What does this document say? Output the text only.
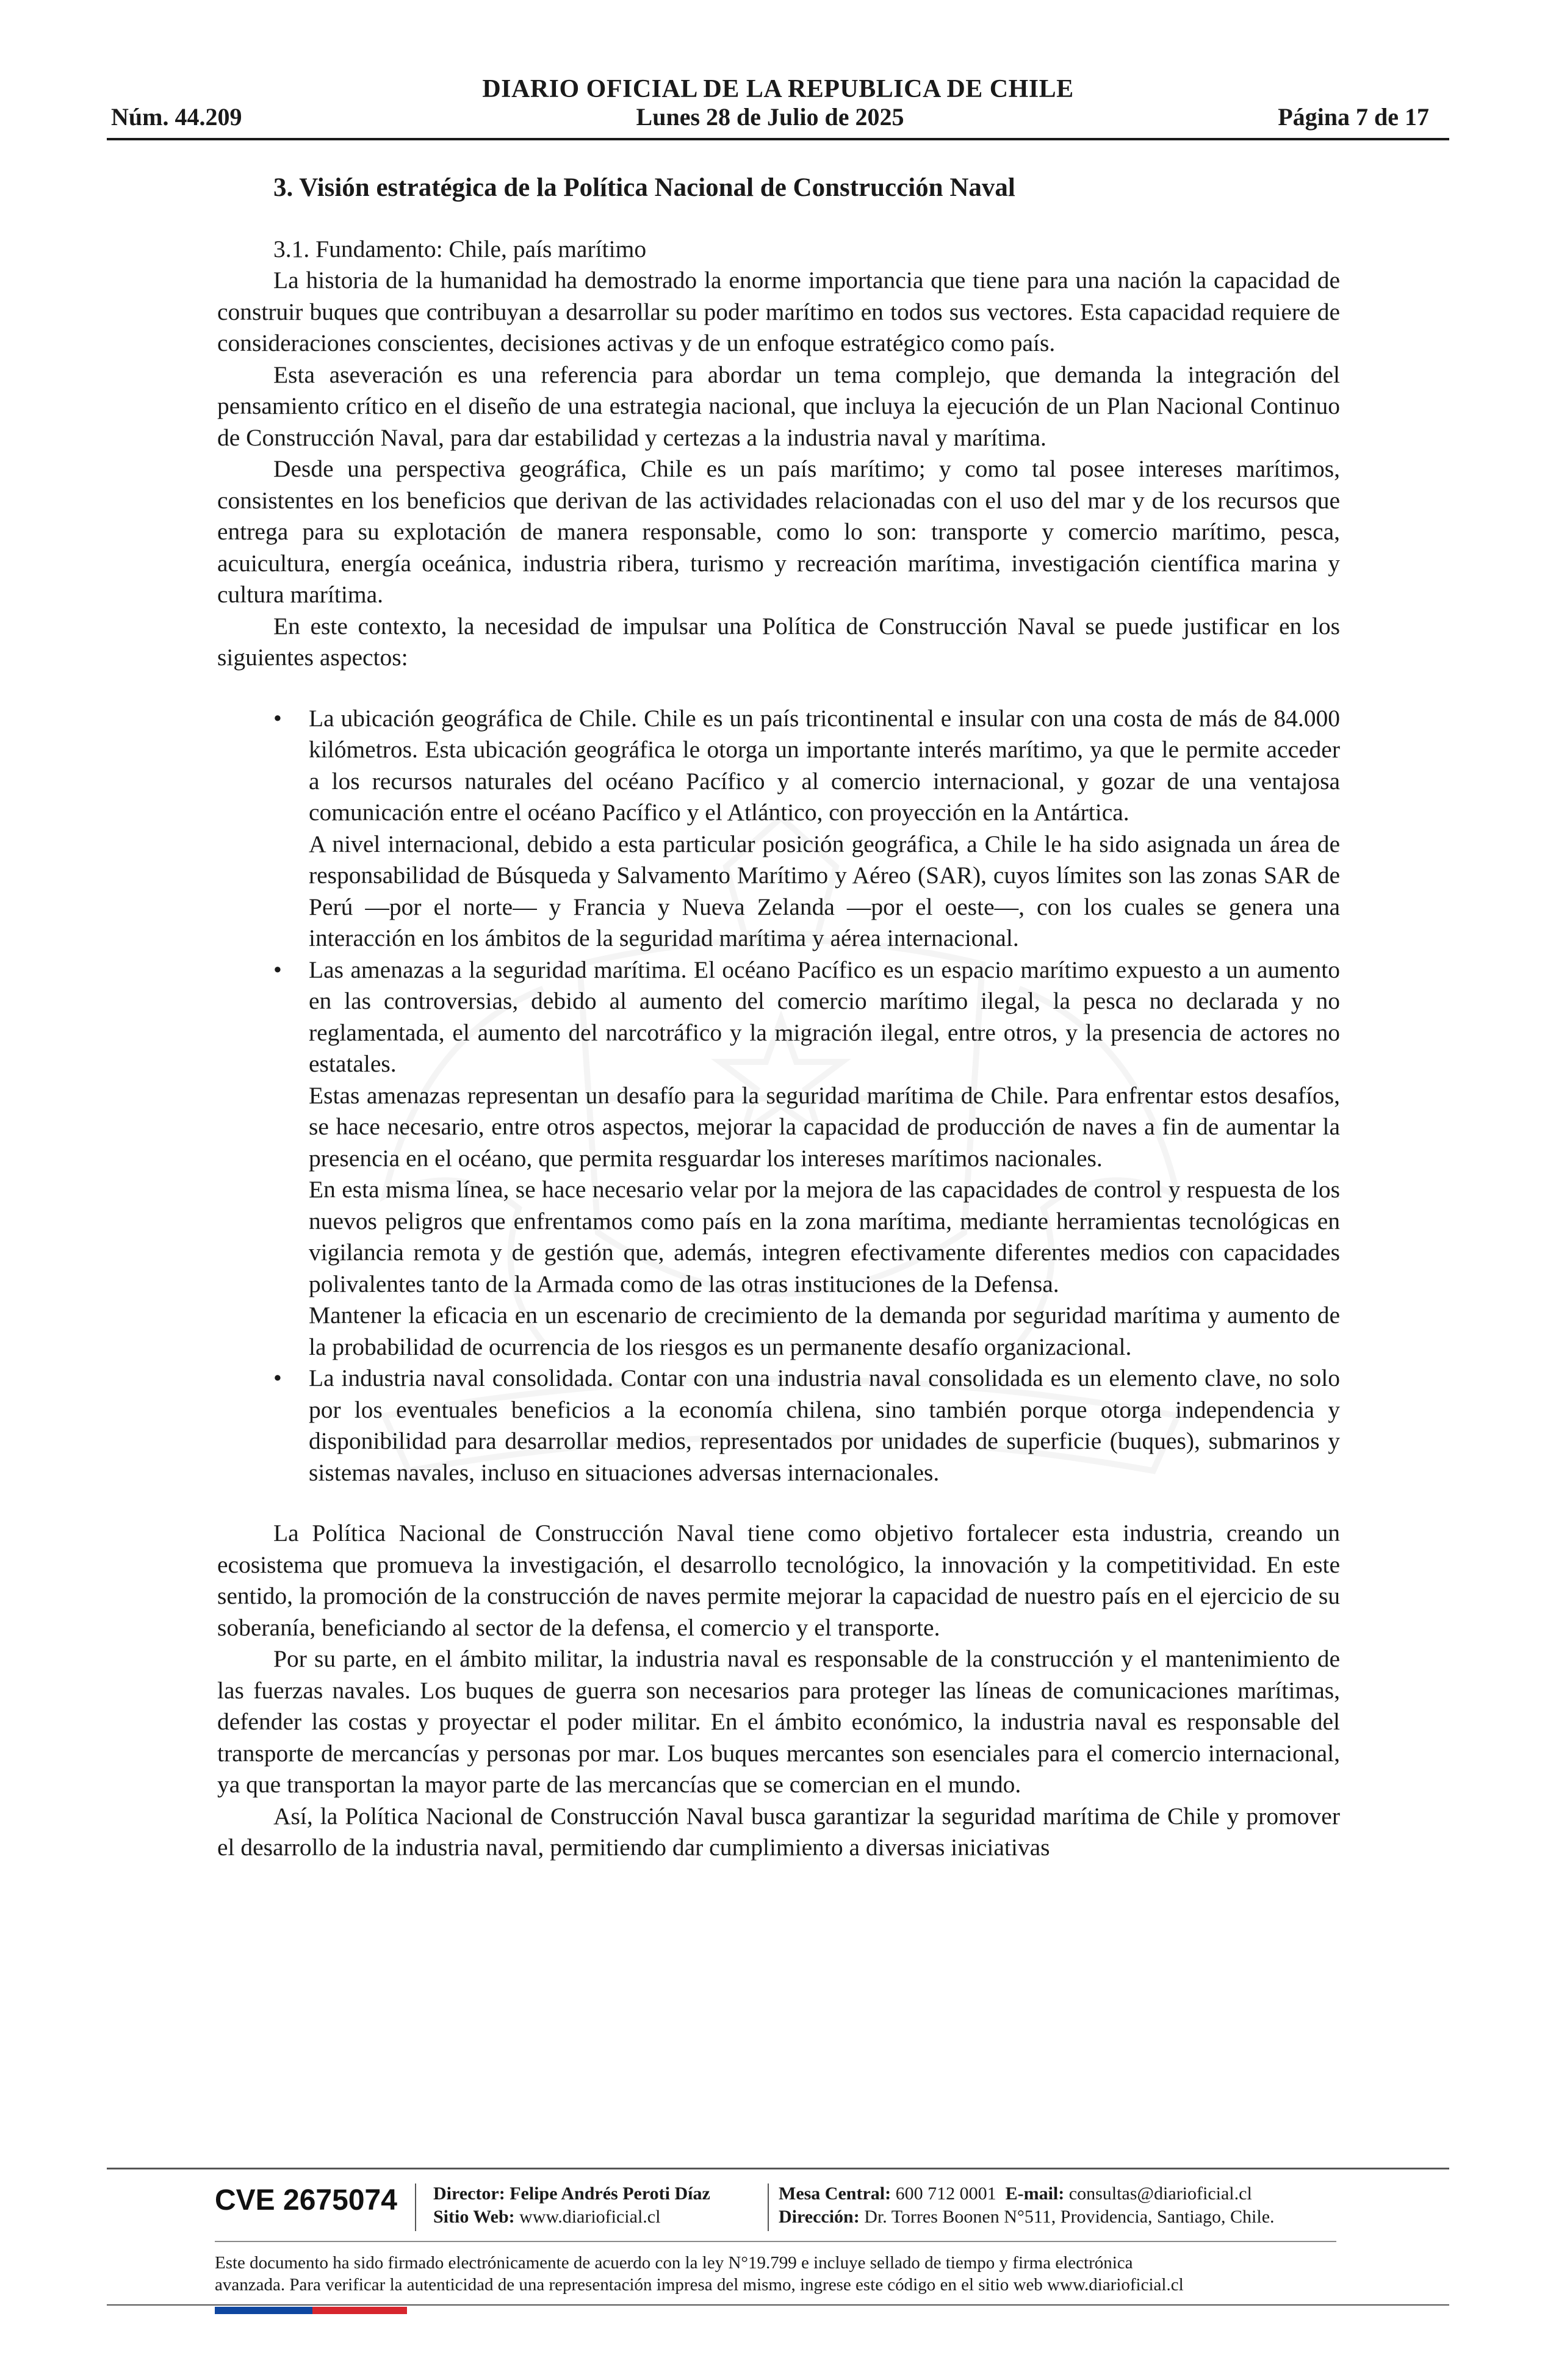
DIARIO OFICIAL DE LA REPUBLICA DE CHILE
Núm. 44.209	Lunes 28 de Julio de 2025	Página 7 de 17
3. Visión estratégica de la Política Nacional de Construcción Naval

3.1. Fundamento: Chile, país marítimo

La historia de la humanidad ha demostrado la enorme importancia que tiene para una nación la capacidad de construir buques que contribuyan a desarrollar su poder marítimo en todos sus vectores. Esta capacidad requiere de consideraciones conscientes, decisiones activas y de un enfoque estratégico como país.

Esta aseveración es una referencia para abordar un tema complejo, que demanda la integración del pensamiento crítico en el diseño de una estrategia nacional, que incluya la ejecución de un Plan Nacional Continuo de Construcción Naval, para dar estabilidad y certezas a la industria naval y marítima.

Desde una perspectiva geográfica, Chile es un país marítimo; y como tal posee intereses marítimos, consistentes en los beneficios que derivan de las actividades relacionadas con el uso del mar y de los recursos que entrega para su explotación de manera responsable, como lo son: transporte y comercio marítimo, pesca, acuicultura, energía oceánica, industria ribera, turismo y recreación marítima, investigación científica marina y cultura marítima.

En este contexto, la necesidad de impulsar una Política de Construcción Naval se puede justificar en los siguientes aspectos:

• La ubicación geográfica de Chile. Chile es un país tricontinental e insular con una costa de más de 84.000 kilómetros. Esta ubicación geográfica le otorga un importante interés marítimo, ya que le permite acceder a los recursos naturales del océano Pacífico y al comercio internacional, y gozar de una ventajosa comunicación entre el océano Pacífico y el Atlántico, con proyección en la Antártica.

A nivel internacional, debido a esta particular posición geográfica, a Chile le ha sido asignada un área de responsabilidad de Búsqueda y Salvamento Marítimo y Aéreo (SAR), cuyos límites son las zonas SAR de Perú —por el norte— y Francia y Nueva Zelanda —por el oeste—, con los cuales se genera una interacción en los ámbitos de la seguridad marítima y aérea internacional.

• Las amenazas a la seguridad marítima. El océano Pacífico es un espacio marítimo expuesto a un aumento en las controversias, debido al aumento del comercio marítimo ilegal, la pesca no declarada y no reglamentada, el aumento del narcotráfico y la migración ilegal, entre otros, y la presencia de actores no estatales.

Estas amenazas representan un desafío para la seguridad marítima de Chile. Para enfrentar estos desafíos, se hace necesario, entre otros aspectos, mejorar la capacidad de producción de naves a fin de aumentar la presencia en el océano, que permita resguardar los intereses marítimos nacionales.

En esta misma línea, se hace necesario velar por la mejora de las capacidades de control y respuesta de los nuevos peligros que enfrentamos como país en la zona marítima, mediante herramientas tecnológicas en vigilancia remota y de gestión que, además, integren efectivamente diferentes medios con capacidades polivalentes tanto de la Armada como de las otras instituciones de la Defensa.

Mantener la eficacia en un escenario de crecimiento de la demanda por seguridad marítima y aumento de la probabilidad de ocurrencia de los riesgos es un permanente desafío organizacional.

• La industria naval consolidada. Contar con una industria naval consolidada es un elemento clave, no solo por los eventuales beneficios a la economía chilena, sino también porque otorga independencia y disponibilidad para desarrollar medios, representados por unidades de superficie (buques), submarinos y sistemas navales, incluso en situaciones adversas internacionales.

La Política Nacional de Construcción Naval tiene como objetivo fortalecer esta industria, creando un ecosistema que promueva la investigación, el desarrollo tecnológico, la innovación y la competitividad. En este sentido, la promoción de la construcción de naves permite mejorar la capacidad de nuestro país en el ejercicio de su soberanía, beneficiando al sector de la defensa, el comercio y el transporte.

Por su parte, en el ámbito militar, la industria naval es responsable de la construcción y el mantenimiento de las fuerzas navales. Los buques de guerra son necesarios para proteger las líneas de comunicaciones marítimas, defender las costas y proyectar el poder militar. En el ámbito económico, la industria naval es responsable del transporte de mercancías y personas por mar. Los buques mercantes son esenciales para el comercio internacional, ya que transportan la mayor parte de las mercancías que se comercian en el mundo.

Así, la Política Nacional de Construcción Naval busca garantizar la seguridad marítima de Chile y promover el desarrollo de la industria naval, permitiendo dar cumplimiento a diversas iniciativas

CVE 2675074 Director: Felipe Andrés Peroti Díaz
Sitio Web: www.diarioficial.cl
Mesa Central: 600 712 0001 E-mail: consultas@diarioficial.cl
Dirección: Dr. Torres Boonen N°511, Providencia, Santiago, Chile.
Este documento ha sido firmado electrónicamente de acuerdo con la ley N°19.799 e incluye sellado de tiempo y firma electrónica
avanzada. Para verificar la autenticidad de una representación impresa del mismo, ingrese este código en el sitio web www.diarioficial.cl
